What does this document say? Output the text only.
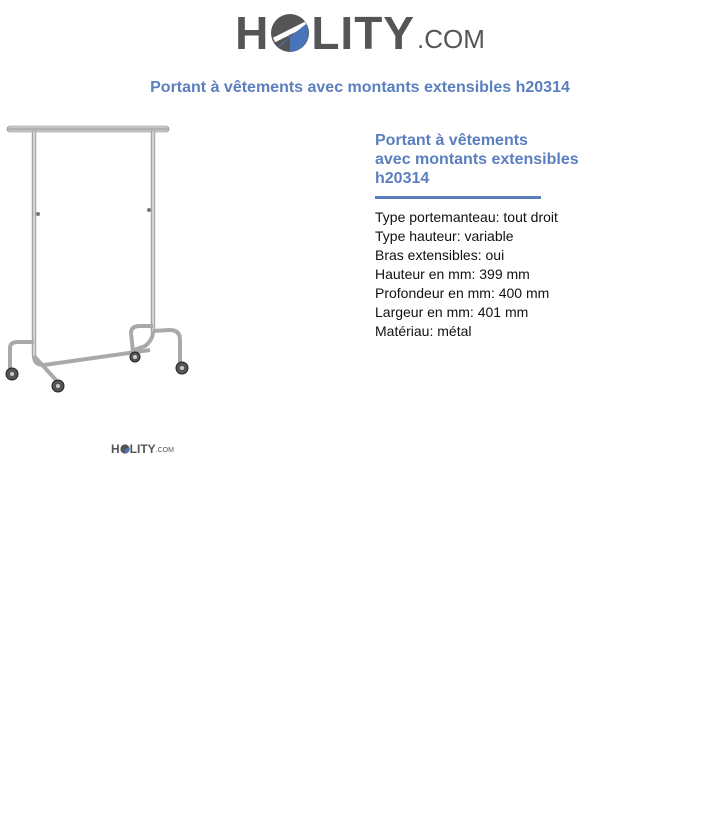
H LITY .COM
Portant à vêtements avec montants extensibles h20314
H LITY .COM
Portant à vêtements
avec montants extensibles
h20314
Type portemanteau: tout droit
Type hauteur: variable
Bras extensibles: oui
Hauteur en mm: 399 mm
Profondeur en mm: 400 mm
Largeur en mm: 401 mm
Matériau: métal
